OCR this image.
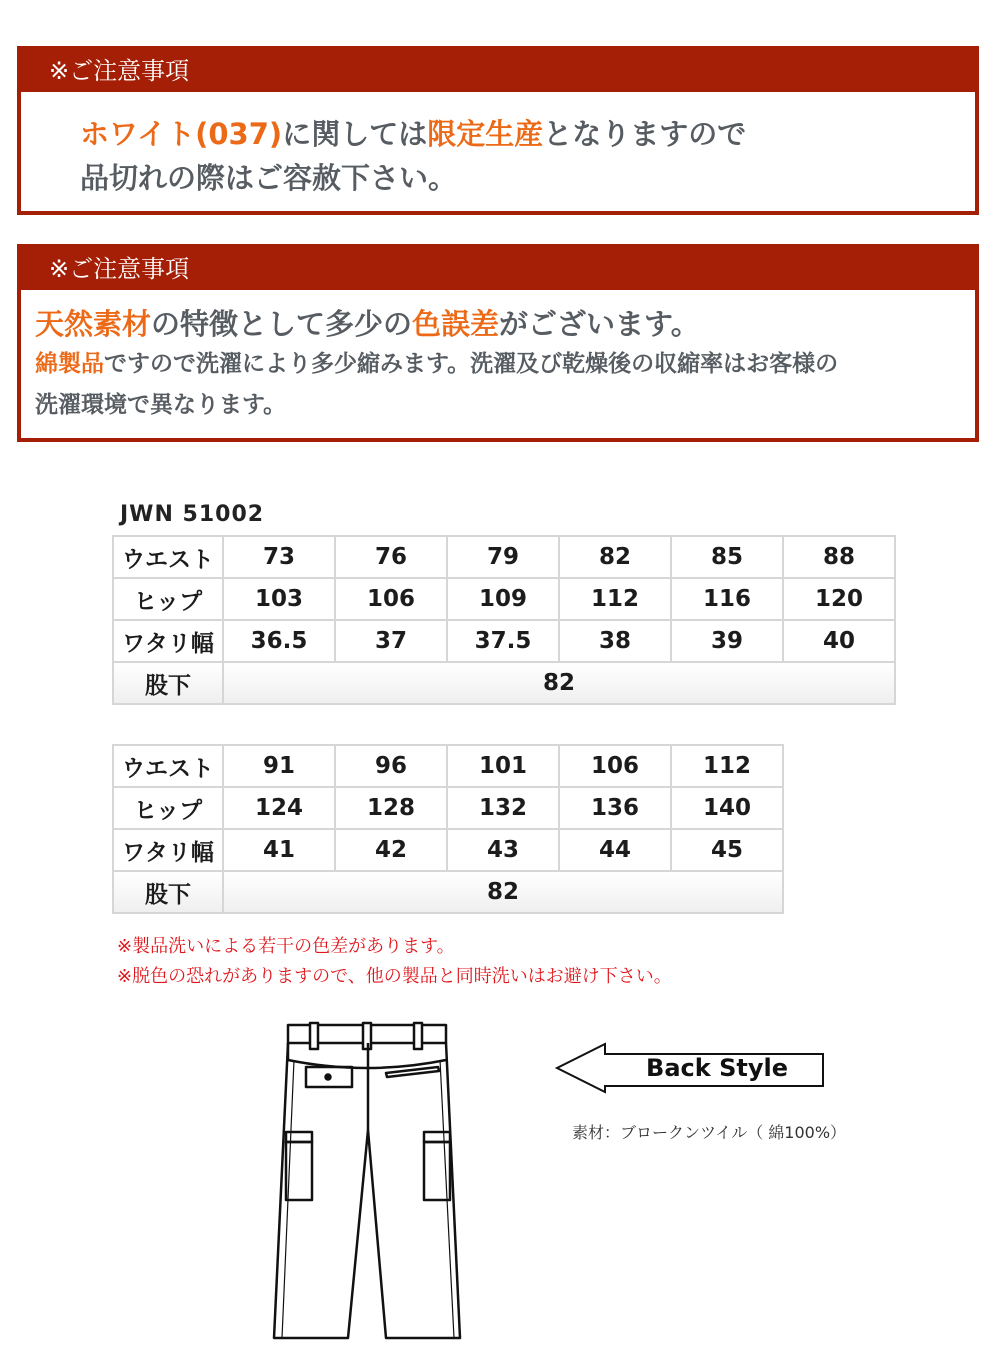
※ご注意事項
ホワイト(037)に関しては限定生産となりますので
品切れの際はご容赦下さい。
※ご注意事項
天然素材の特徴として多少の色誤差がございます。
綿製品ですので洗濯により多少縮みます。洗濯及び乾燥後の収縮率はお客様の
洗濯環境で異なります。
JWN 51002
ウエスト	73	76	79	82	85	88
ヒップ	103	106	109	112	116	120
ワタリ幅	36.5	37	37.5	38	39	40
股下	82					
ウエスト	91	96	101	106	112
ヒップ	124	128	132	136	140
ワタリ幅	41	42	43	44	45
股下	82				
※製品洗いによる若干の色差があります。
※脱色の恐れがありますので、他の製品と同時洗いはお避け下さい。
Back Style
素材：ブロークンツイル（ 綿100%）
